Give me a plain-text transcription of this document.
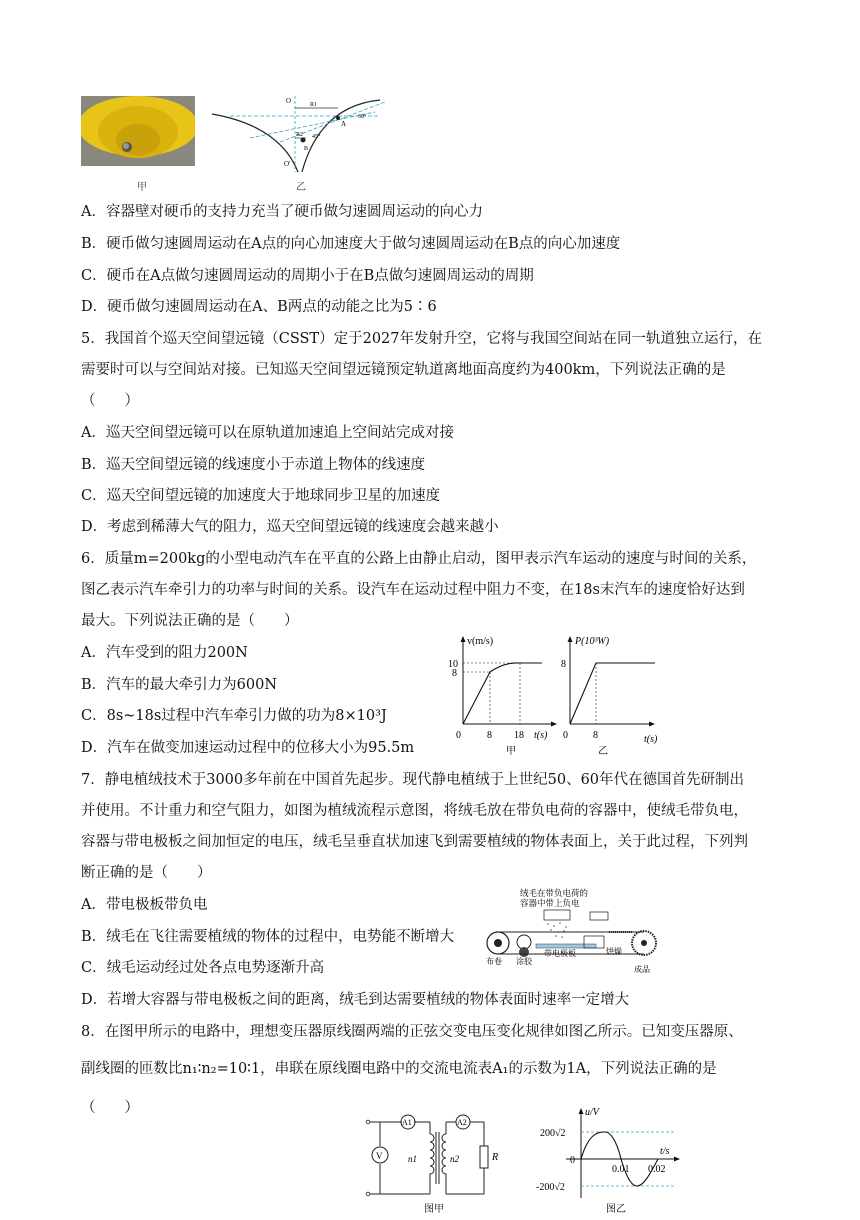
甲
O
O'
R1
R2
A
B
30°
45°
乙
A．容器壁对硬币的支持力充当了硬币做匀速圆周运动的向心力
B．硬币做匀速圆周运动在A点的向心加速度大于做匀速圆周运动在B点的向心加速度
C．硬币在A点做匀速圆周运动的周期小于在B点做匀速圆周运动的周期
D．硬币做匀速圆周运动在A、B两点的动能之比为5∶6
5．我国首个巡天空间望远镜（CSST）定于2027年发射升空，它将与我国空间站在同一轨道独立运行，在
需要时可以与空间站对接。已知巡天空间望远镜预定轨道离地面高度约为400km，下列说法正确的是
（　　）
A．巡天空间望远镜可以在原轨道加速追上空间站完成对接
B．巡天空间望远镜的线速度小于赤道上物体的线速度
C．巡天空间望远镜的加速度大于地球同步卫星的加速度
D．考虑到稀薄大气的阻力，巡天空间望远镜的线速度会越来越小
6．质量m=200kg的小型电动汽车在平直的公路上由静止启动，图甲表示汽车运动的速度与时间的关系，
图乙表示汽车牵引力的功率与时间的关系。设汽车在运动过程中阻力不变，在18s末汽车的速度恰好达到
最大。下列说法正确的是（　　）
A．汽车受到的阻力200N
B．汽车的最大牵引力为600N
C．8s~18s过程中汽车牵引力做的功为8×10³J
D．汽车在做变加速运动过程中的位移大小为95.5m
v(m/s)
10
8
0	8 18 t(s)
甲
P(10³W)
8
0	8	t(s)
乙
7．静电植绒技术于3000多年前在中国首先起步。现代静电植绒于上世纪50、60年代在德国首先研制出
并使用。不计重力和空气阻力，如图为植绒流程示意图，将绒毛放在带负电荷的容器中，使绒毛带负电，
容器与带电极板之间加恒定的电压，绒毛呈垂直状加速飞到需要植绒的物体表面上，关于此过程，下列判
断正确的是（　　）
A．带电极板带负电
B．绒毛在飞往需要植绒的物体的过程中，电势能不断增大
C．绒毛运动经过处各点电势逐渐升高
D．若增大容器与带电极板之间的距离，绒毛到达需要植绒的物体表面时速率一定增大
绒毛在带负电荷的
容器中带上负电
布卷 涂胶
带电极板	烘燥
成品
8．在图甲所示的电路中，理想变压器原线圈两端的正弦交变电压变化规律如图乙所示。已知变压器原、
副线圈的匝数比n₁∶n₂=10∶1，串联在原线圈电路中的交流电流表A₁的示数为1A，下列说法正确的是
（　　）
A1
V	n1	n2
A2
R
图甲
u/V
200√2
-200√2
0
0.01 0.02
t/s
图乙
